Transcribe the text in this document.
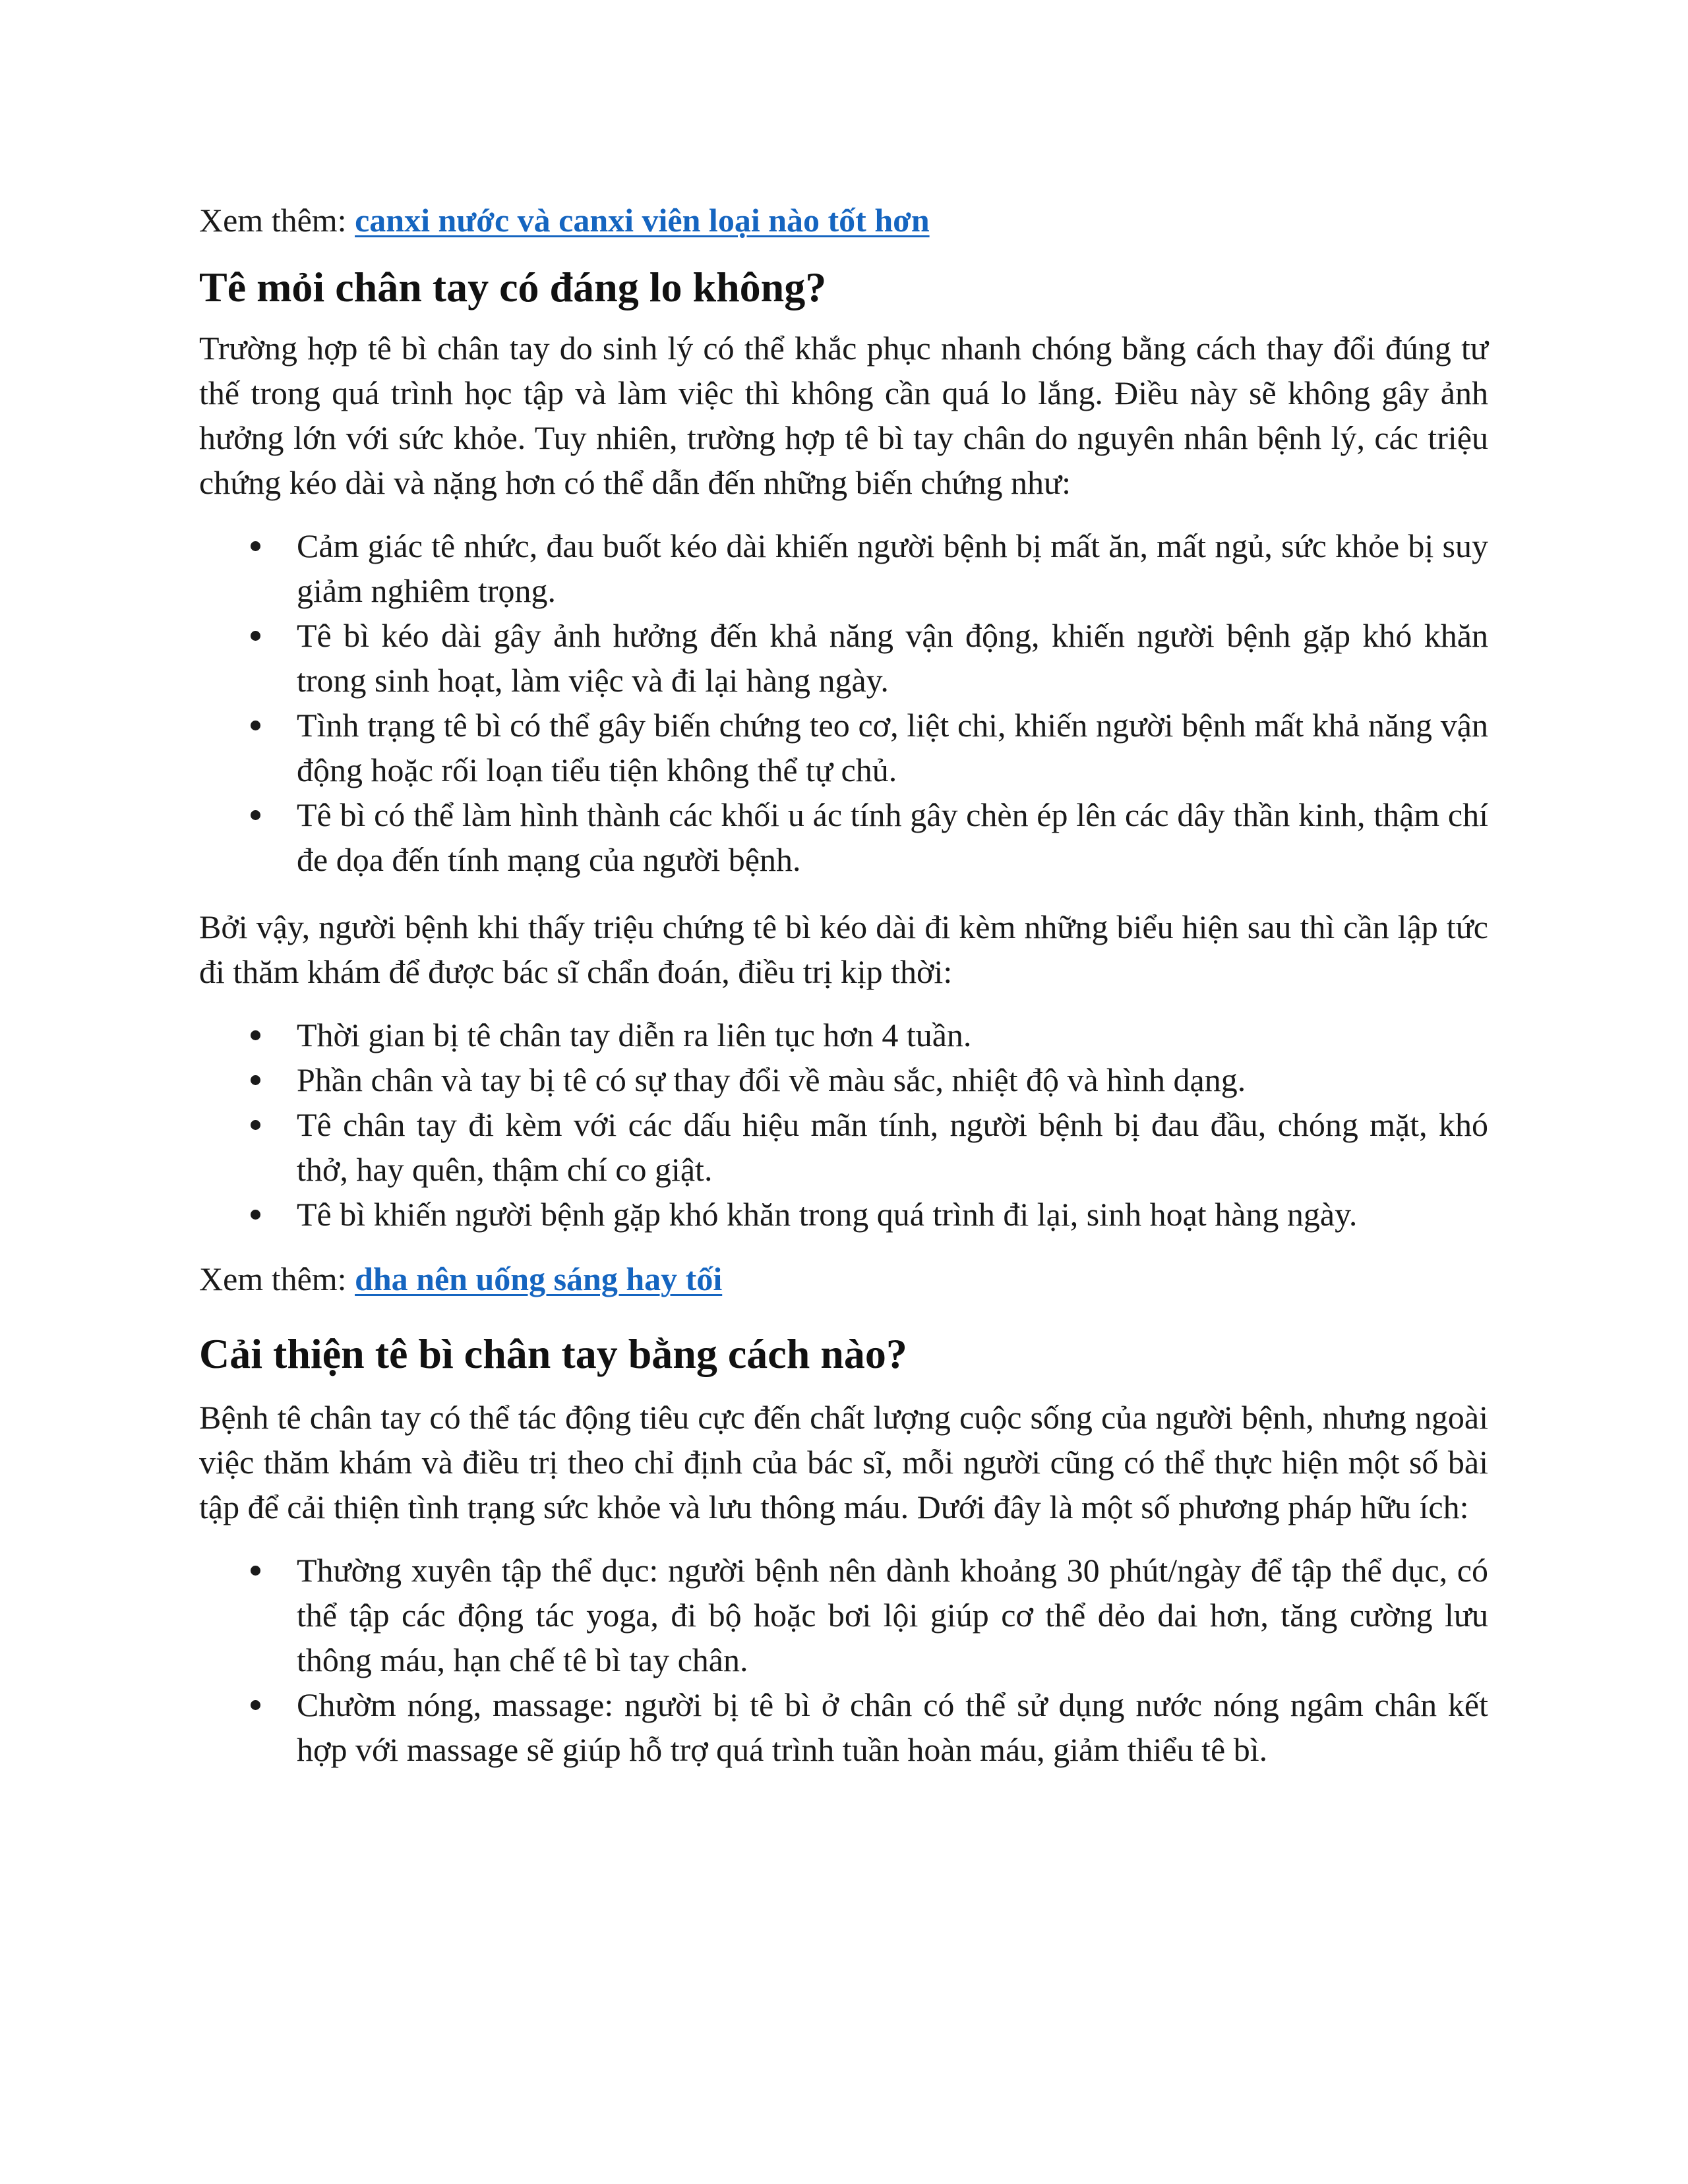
Xem thêm: canxi nước và canxi viên loại nào tốt hơn

Tê mỏi chân tay có đáng lo không?

Trường hợp tê bì chân tay do sinh lý có thể khắc phục nhanh chóng bằng cách thay đổi đúng tư thế trong quá trình học tập và làm việc thì không cần quá lo lắng. Điều này sẽ không gây ảnh hưởng lớn với sức khỏe. Tuy nhiên, trường hợp tê bì tay chân do nguyên nhân bệnh lý, các triệu chứng kéo dài và nặng hơn có thể dẫn đến những biến chứng như:

Cảm giác tê nhức, đau buốt kéo dài khiến người bệnh bị mất ăn, mất ngủ, sức khỏe bị suy giảm nghiêm trọng.
Tê bì kéo dài gây ảnh hưởng đến khả năng vận động, khiến người bệnh gặp khó khăn trong sinh hoạt, làm việc và đi lại hàng ngày.
Tình trạng tê bì có thể gây biến chứng teo cơ, liệt chi, khiến người bệnh mất khả năng vận động hoặc rối loạn tiểu tiện không thể tự chủ.
Tê bì có thể làm hình thành các khối u ác tính gây chèn ép lên các dây thần kinh, thậm chí đe dọa đến tính mạng của người bệnh.

Bởi vậy, người bệnh khi thấy triệu chứng tê bì kéo dài đi kèm những biểu hiện sau thì cần lập tức đi thăm khám để được bác sĩ chẩn đoán, điều trị kịp thời:

Thời gian bị tê chân tay diễn ra liên tục hơn 4 tuần.
Phần chân và tay bị tê có sự thay đổi về màu sắc, nhiệt độ và hình dạng.
Tê chân tay đi kèm với các dấu hiệu mãn tính, người bệnh bị đau đầu, chóng mặt, khó thở, hay quên, thậm chí co giật.
Tê bì khiến người bệnh gặp khó khăn trong quá trình đi lại, sinh hoạt hàng ngày.

Xem thêm: dha nên uống sáng hay tối

Cải thiện tê bì chân tay bằng cách nào?

Bệnh tê chân tay có thể tác động tiêu cực đến chất lượng cuộc sống của người bệnh, nhưng ngoài việc thăm khám và điều trị theo chỉ định của bác sĩ, mỗi người cũng có thể thực hiện một số bài tập để cải thiện tình trạng sức khỏe và lưu thông máu. Dưới đây là một số phương pháp hữu ích:

Thường xuyên tập thể dục: người bệnh nên dành khoảng 30 phút/ngày để tập thể dục, có thể tập các động tác yoga, đi bộ hoặc bơi lội giúp cơ thể dẻo dai hơn, tăng cường lưu thông máu, hạn chế tê bì tay chân.
Chườm nóng, massage: người bị tê bì ở chân có thể sử dụng nước nóng ngâm chân kết hợp với massage sẽ giúp hỗ trợ quá trình tuần hoàn máu, giảm thiểu tê bì.
